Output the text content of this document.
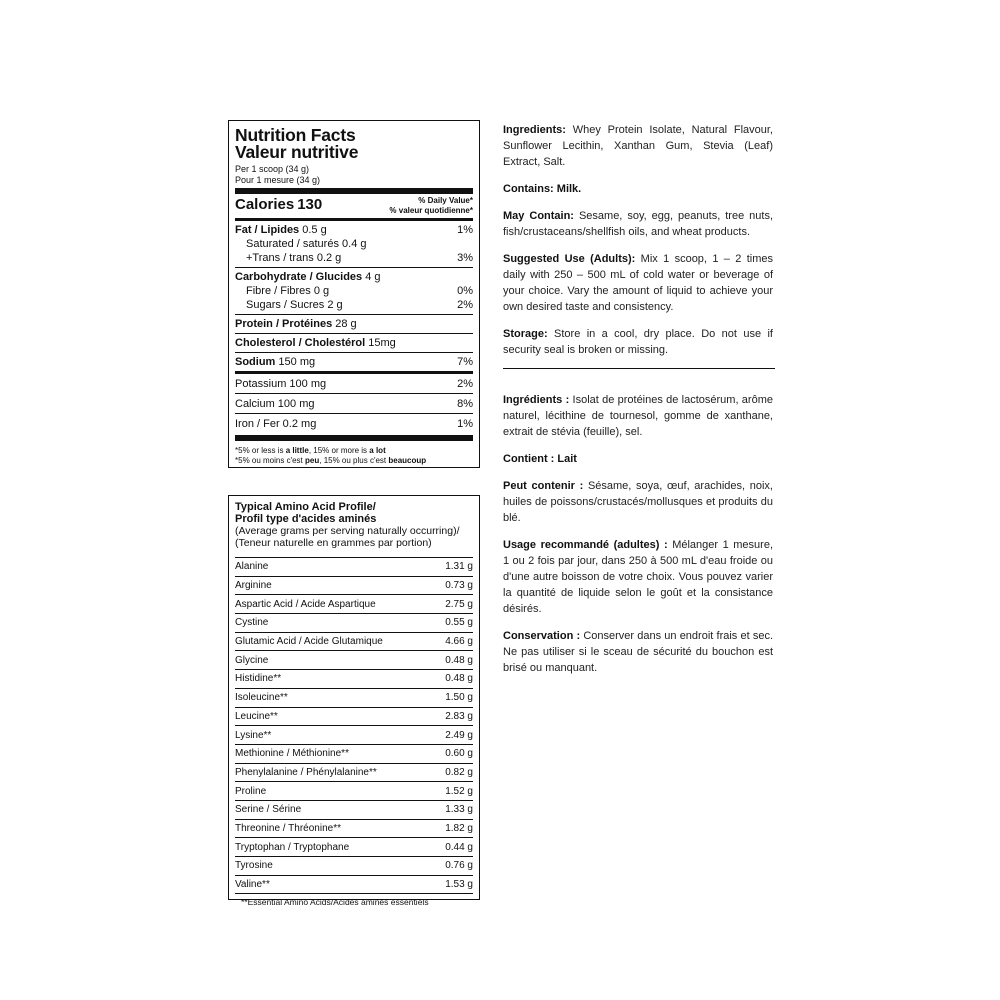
Nutrition Facts
Valeur nutritive
Per 1 scoop (34 g)
Pour 1 mesure (34 g)
Calories 130	% Daily Value*
% valeur quotidienne*
Fat / Lipides 0.5 g	1%
Saturated / saturés 0.4 g
+Trans / trans 0.2 g	3%
Carbohydrate / Glucides 4 g
Fibre / Fibres 0 g	0%
Sugars / Sucres 2 g	2%
Protein / Protéines 28 g
Cholesterol / Cholestérol 15mg
Sodium 150 mg	7%
Potassium 100 mg	2%
Calcium 100 mg	8%
Iron / Fer 0.2 mg	1%
*5% or less is a little, 15% or more is a lot
*5% ou moins c'est peu, 15% ou plus c'est beaucoup
Typical Amino Acid Profile/
Profil type d'acides aminés
(Average grams per serving naturally occurring)/
(Teneur naturelle en grammes par portion)
Alanine	1.31 g
Arginine	0.73 g
Aspartic Acid / Acide Aspartique	2.75 g
Cystine	0.55 g
Glutamic Acid / Acide Glutamique	4.66 g
Glycine	0.48 g
Histidine**	0.48 g
Isoleucine**	1.50 g
Leucine**	2.83 g
Lysine**	2.49 g
Methionine / Méthionine**	0.60 g
Phenylalanine / Phénylalanine**	0.82 g
Proline	1.52 g
Serine / Sérine	1.33 g
Threonine / Thréonine**	1.82 g
Tryptophan / Tryptophane	0.44 g
Tyrosine	0.76 g
Valine**	1.53 g
**Essential Amino Acids/Acides aminés essentiels

Ingredients: Whey Protein Isolate, Natural Flavour, Sunflower Lecithin, Xanthan Gum, Stevia (Leaf) Extract, Salt.

Contains: Milk.

May Contain: Sesame, soy, egg, peanuts, tree nuts, fish/crustaceans/shellfish oils, and wheat products.

Suggested Use (Adults): Mix 1 scoop, 1 – 2 times daily with 250 – 500 mL of cold water or beverage of your choice. Vary the amount of liquid to achieve your own desired taste and consistency.

Storage: Store in a cool, dry place. Do not use if security seal is broken or missing.

Ingrédients : Isolat de protéines de lactosérum, arôme naturel, lécithine de tournesol, gomme de xanthane, extrait de stévia (feuille), sel.

Contient : Lait

Peut contenir : Sésame, soya, œuf, arachides, noix, huiles de poissons/crustacés/mollusques et produits du blé.

Usage recommandé (adultes) : Mélanger 1 mesure, 1 ou 2 fois par jour, dans 250 à 500 mL d'eau froide ou d'une autre boisson de votre choix. Vous pouvez varier la quantité de liquide selon le goût et la consistance désirés.

Conservation : Conserver dans un endroit frais et sec. Ne pas utiliser si le sceau de sécurité du bouchon est brisé ou manquant.
